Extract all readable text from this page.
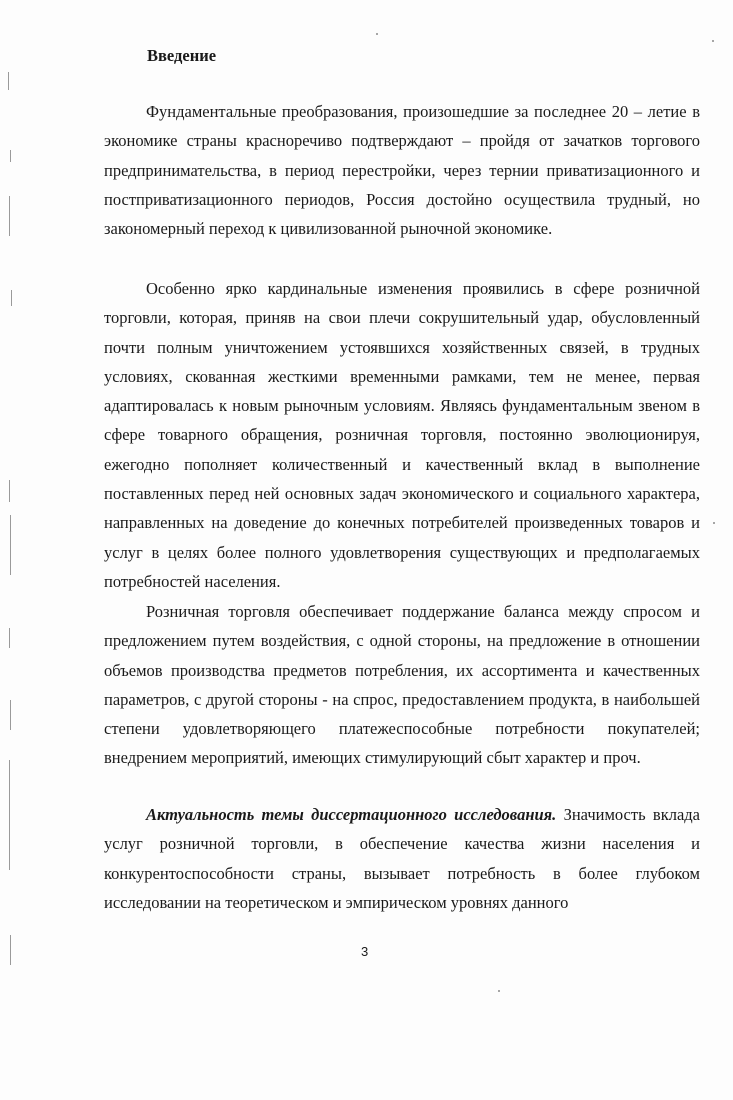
Введение

Фундаментальные преобразования, произошедшие за последнее 20 – летие в экономике страны красноречиво подтверждают – пройдя от зачатков торгового предпринимательства, в период перестройки, через тернии приватизационного и постприватизационного периодов, Россия достойно осуществила трудный, но закономерный переход к цивилизованной рыночной экономике.

Особенно ярко кардинальные изменения проявились в сфере розничной торговли, которая, приняв на свои плечи сокрушительный удар, обусловленный почти полным уничтожением устоявшихся хозяйственных связей, в трудных условиях, скованная жесткими временными рамками, тем не менее, первая адаптировалась к новым рыночным условиям. Являясь фундаментальным звеном в сфере товарного обращения, розничная торговля, постоянно эволюционируя, ежегодно пополняет количественный и качественный вклад в выполнение поставленных перед ней основных задач экономического и социального характера, направленных на доведение до конечных потребителей произведенных товаров и услуг в целях более полного удовлетворения существующих и предполагаемых потребностей населения.

Розничная торговля обеспечивает поддержание баланса между спросом и предложением путем воздействия, с одной стороны, на предложение в отношении объемов производства предметов потребления, их ассортимента и качественных параметров, с другой стороны - на спрос, предоставлением продукта, в наибольшей степени удовлетворяющего платежеспособные потребности покупателей; внедрением мероприятий, имеющих стимулирующий сбыт характер и проч.

Актуальность темы диссертационного исследования. Значимость вклада услуг розничной торговли, в обеспечение качества жизни населения и конкурентоспособности страны, вызывает потребность в более глубоком исследовании на теоретическом и эмпирическом уровнях данного

3
